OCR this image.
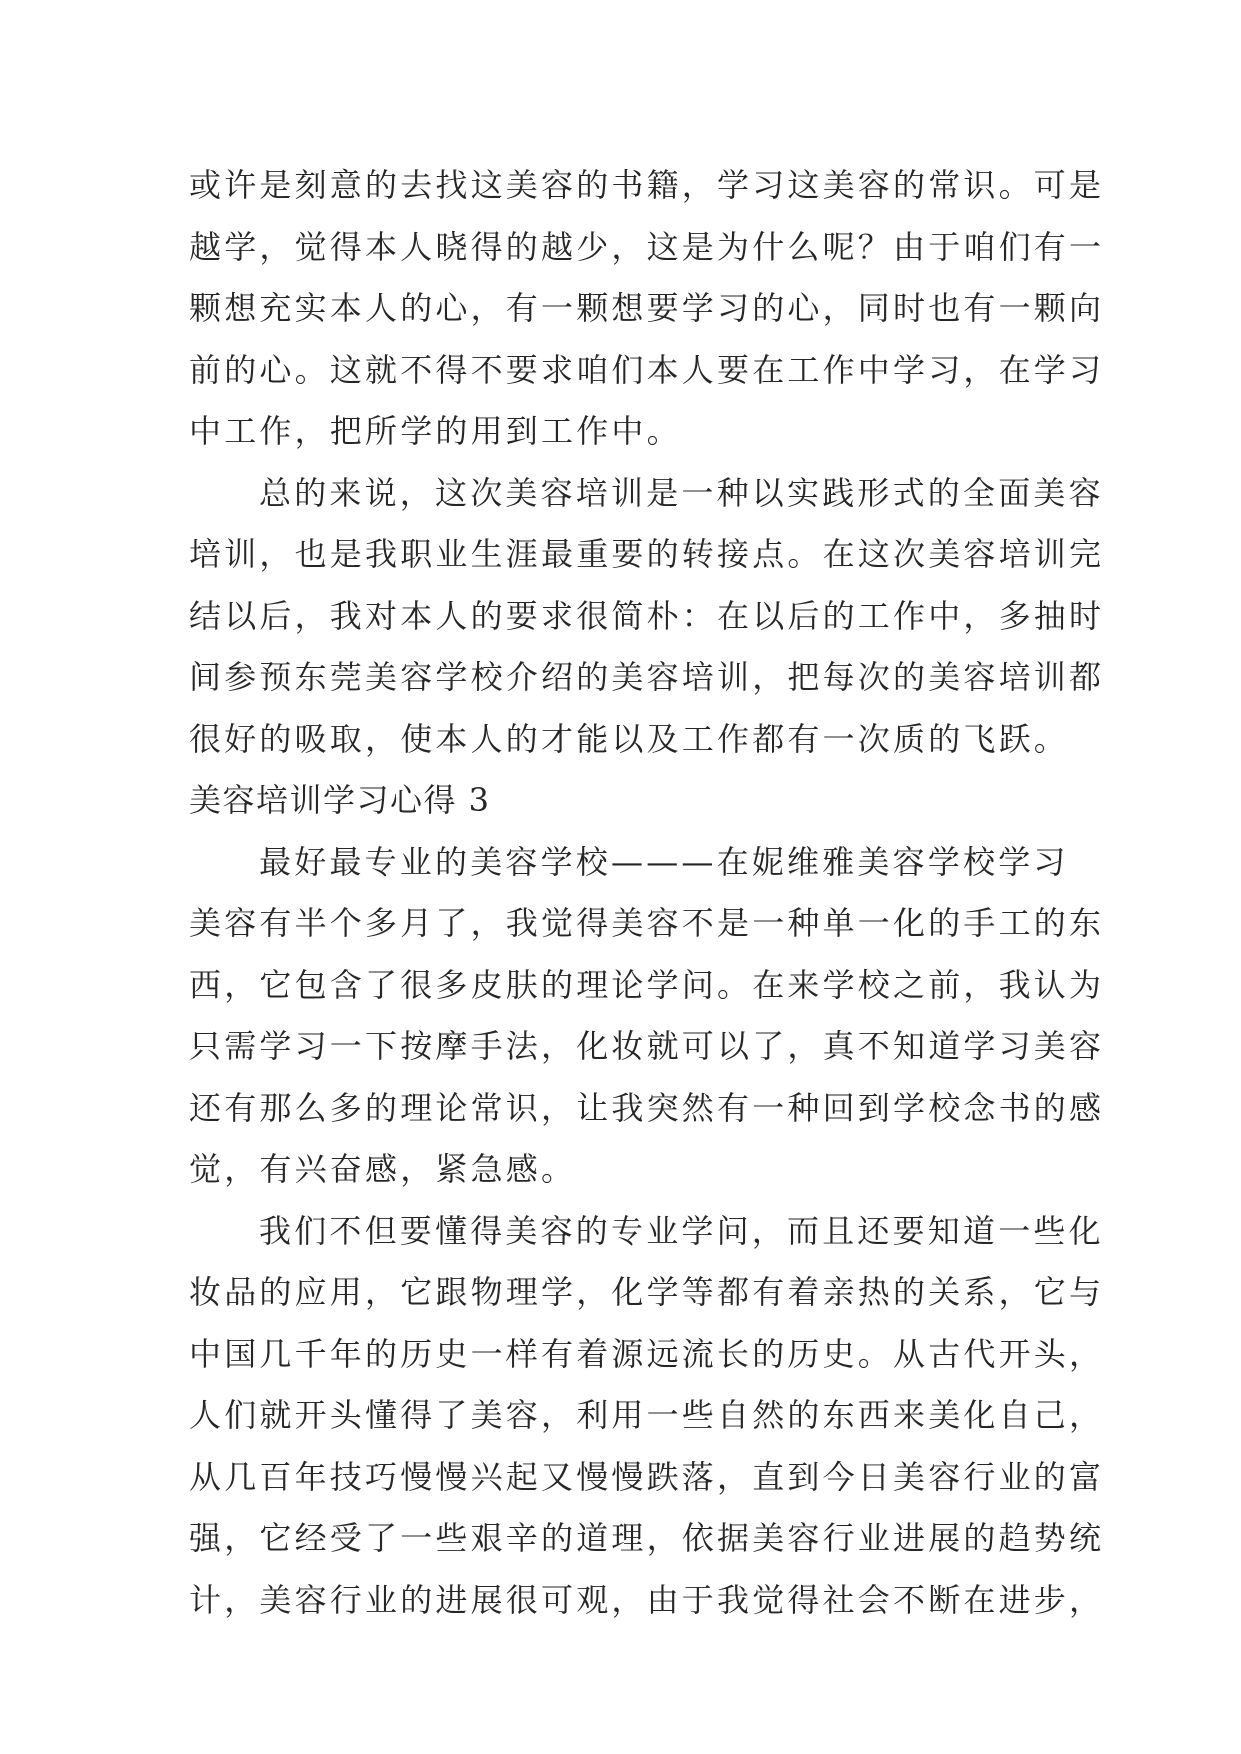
或许是刻意的去找这美容的书籍，学习这美容的常识。可是
越学，觉得本人晓得的越少，这是为什么呢？由于咱们有一
颗想充实本人的心，有一颗想要学习的心，同时也有一颗向
前的心。这就不得不要求咱们本人要在工作中学习，在学习
中工作，把所学的用到工作中。
总的来说，这次美容培训是一种以实践形式的全面美容
培训，也是我职业生涯最重要的转接点。在这次美容培训完
结以后，我对本人的要求很简朴：在以后的工作中，多抽时
间参预东莞美容学校介绍的美容培训，把每次的美容培训都
很好的吸取，使本人的才能以及工作都有一次质的飞跃。
美容培训学习心得 3
最好最专业的美容学校———在妮维雅美容学校学习
美容有半个多月了，我觉得美容不是一种单一化的手工的东
西，它包含了很多皮肤的理论学问。在来学校之前，我认为
只需学习一下按摩手法，化妆就可以了，真不知道学习美容
还有那么多的理论常识，让我突然有一种回到学校念书的感
觉，有兴奋感，紧急感。
我们不但要懂得美容的专业学问，而且还要知道一些化
妆品的应用，它跟物理学，化学等都有着亲热的关系，它与
中国几千年的历史一样有着源远流长的历史。从古代开头，
人们就开头懂得了美容，利用一些自然的东西来美化自己，
从几百年技巧慢慢兴起又慢慢跌落，直到今日美容行业的富
强，它经受了一些艰辛的道理，依据美容行业进展的趋势统
计，美容行业的进展很可观，由于我觉得社会不断在进步，
